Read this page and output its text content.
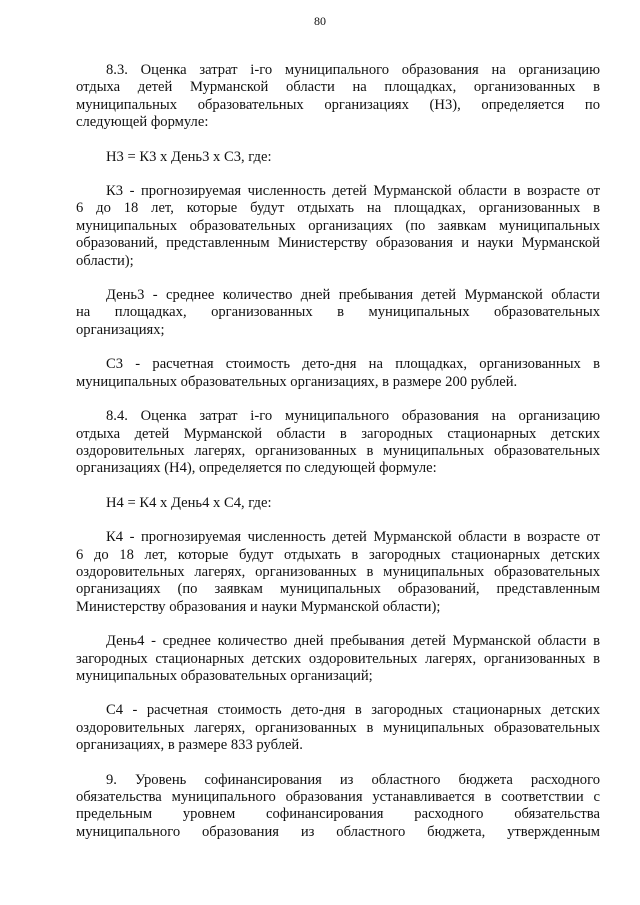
80

8.3. Оценка затрат i-го муниципального образования на организацию
отдыха детей Мурманской области на площадках, организованных в
муниципальных образовательных организациях (Н3), определяется по
следующей формуле:

Н3 = К3 х День3 х С3, где:

К3 - прогнозируемая численность детей Мурманской области в возрасте от
6 до 18 лет, которые будут отдыхать на площадках, организованных в
муниципальных образовательных организациях (по заявкам муниципальных
образований, представленным Министерству образования и науки Мурманской
области);

День3 - среднее количество дней пребывания детей Мурманской области
на площадках, организованных в муниципальных образовательных
организациях;

С3 - расчетная стоимость дето-дня на площадках, организованных в
муниципальных образовательных организациях, в размере 200 рублей.

8.4. Оценка затрат i-го муниципального образования на организацию
отдыха детей Мурманской области в загородных стационарных детских
оздоровительных лагерях, организованных в муниципальных образовательных
организациях (Н4), определяется по следующей формуле:

Н4 = К4 х День4 х С4, где:

К4 - прогнозируемая численность детей Мурманской области в возрасте от
6 до 18 лет, которые будут отдыхать в загородных стационарных детских
оздоровительных лагерях, организованных в муниципальных образовательных
организациях (по заявкам муниципальных образований, представленным
Министерству образования и науки Мурманской области);

День4 - среднее количество дней пребывания детей Мурманской области в
загородных стационарных детских оздоровительных лагерях, организованных в
муниципальных образовательных организаций;

С4 - расчетная стоимость дето-дня в загородных стационарных детских
оздоровительных лагерях, организованных в муниципальных образовательных
организациях, в размере 833 рублей.

9. Уровень софинансирования из областного бюджета расходного
обязательства муниципального образования устанавливается в соответствии с
предельным уровнем софинансирования расходного обязательства
муниципального образования из областного бюджета, утвержденным
